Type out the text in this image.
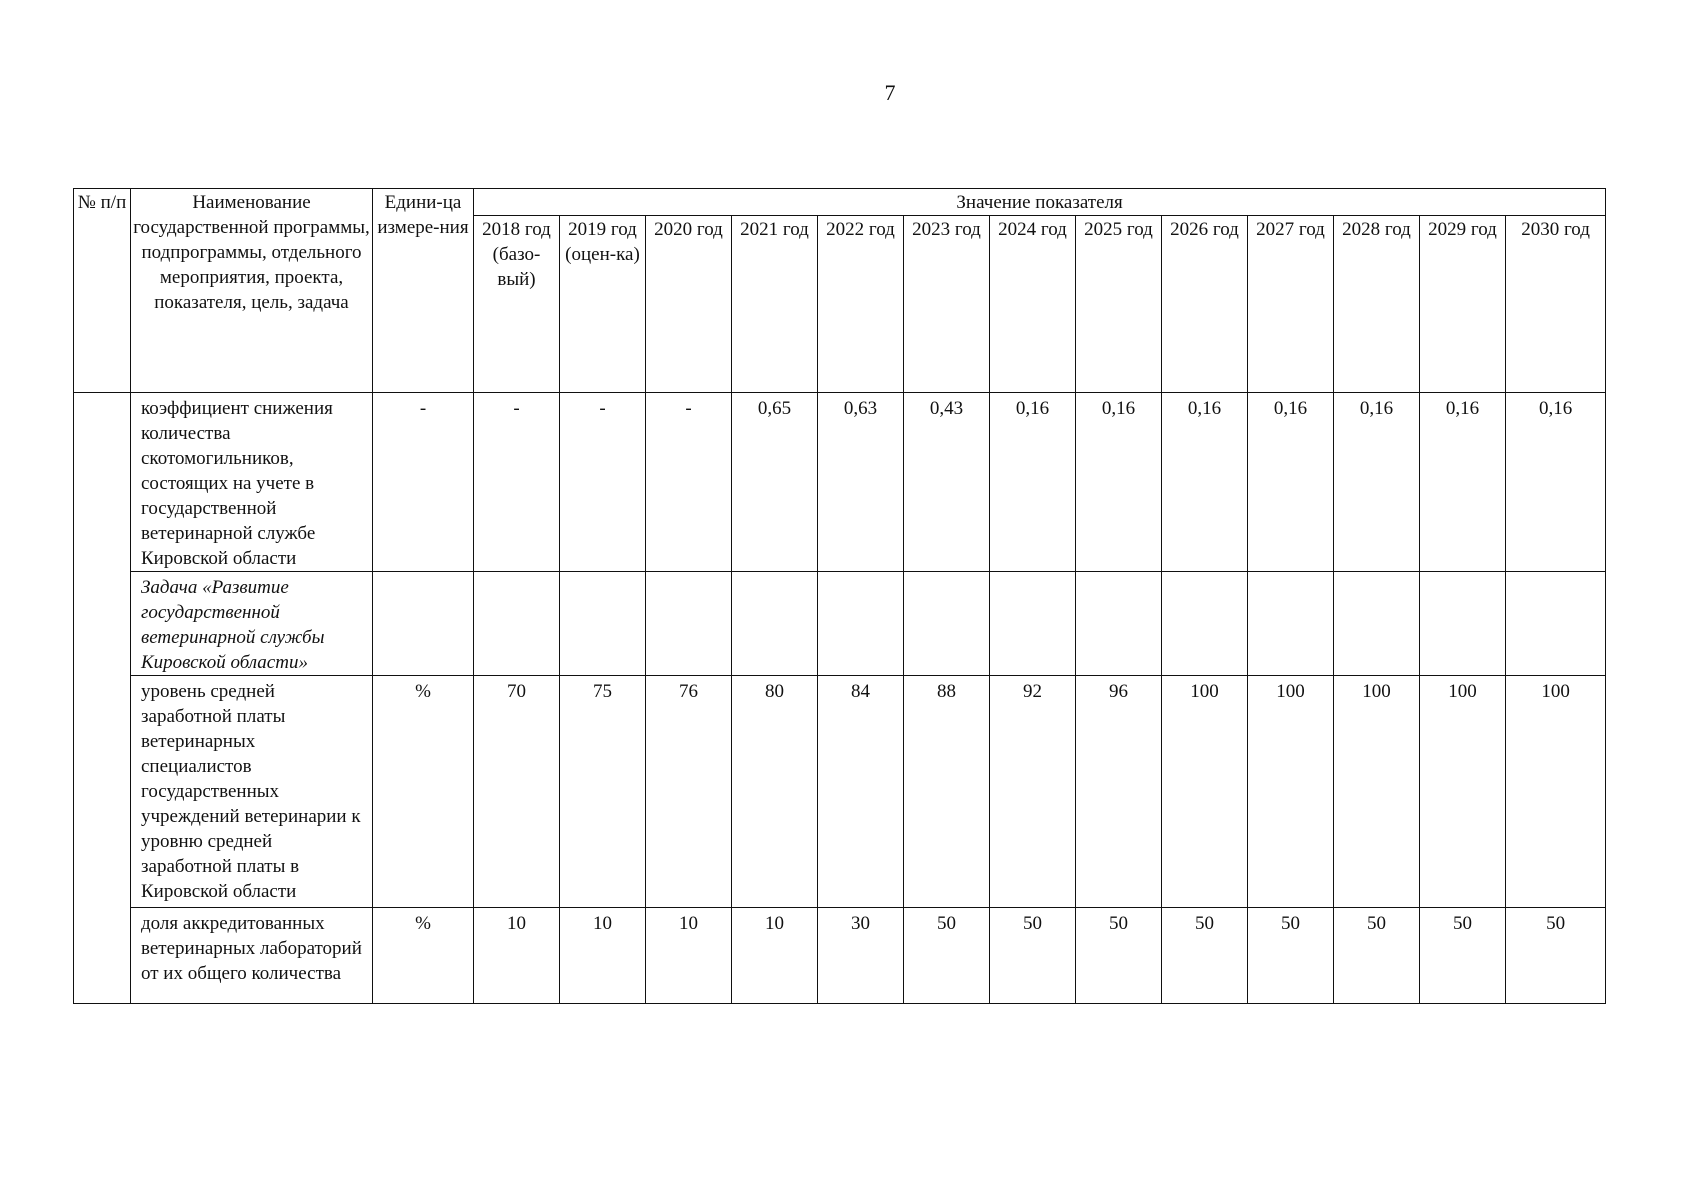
7
№ п/п	Наименование государственной программы, подпрограммы, отдельного мероприятия, проекта, показателя, цель, задача	Едини-ца измере-ния	Значение показателя												
			2018 год (базо-вый)	2019 год (оцен-ка)	2020 год	2021 год	2022 год	2023 год	2024 год	2025 год	2026 год	2027 год	2028 год	2029 год	2030 год
	коэффициент снижения количества скотомогильников, состоящих на учете в государственной ветеринарной службе Кировской области	-	-	-	-	0,65	0,63	0,43	0,16	0,16	0,16	0,16	0,16	0,16	0,16
	Задача «Развитие государственной ветеринарной службы Кировской области»														
	уровень средней заработной платы ветеринарных специалистов государственных учреждений ветеринарии к уровню средней заработной платы в Кировской области	%	70	75	76	80	84	88	92	96	100	100	100	100	100
	доля аккредитованных ветеринарных лабораторий от их общего количества	%	10	10	10	10	30	50	50	50	50	50	50	50	50
